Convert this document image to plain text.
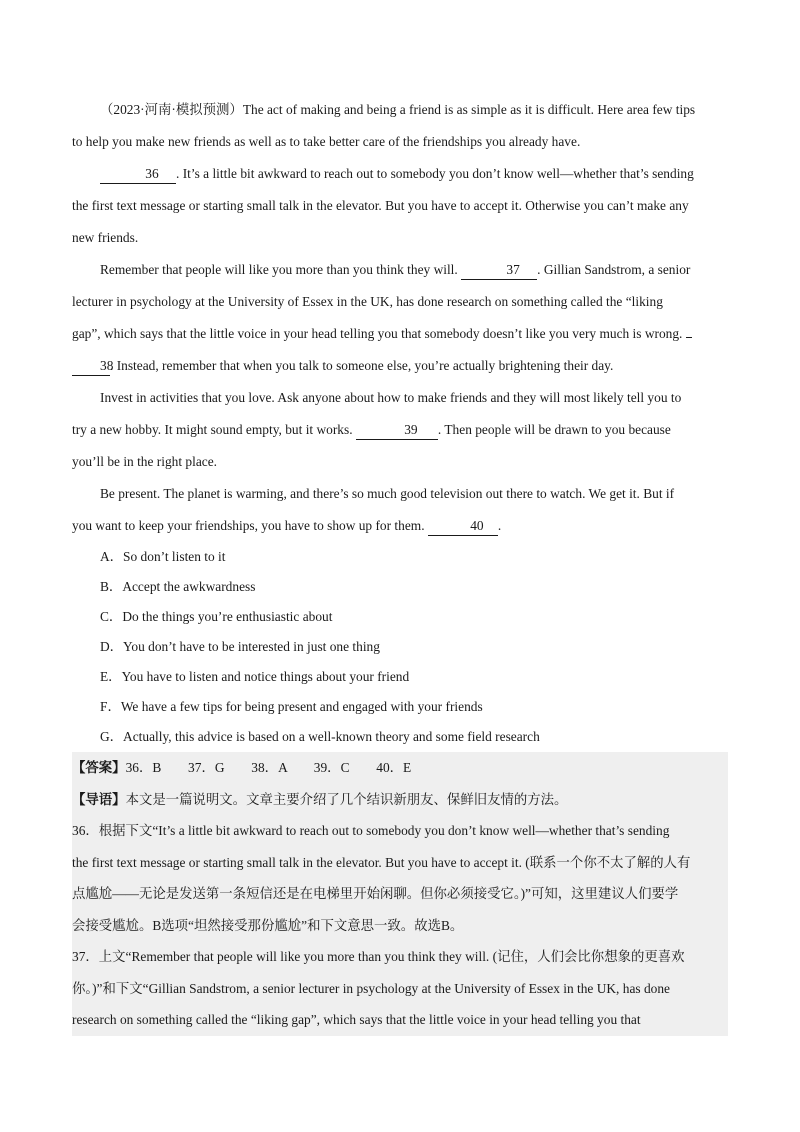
（2023·河南·模拟预测）The act of making and being a friend is as simple as it is difficult. Here area few tips
to help you make new friends as well as to take better care of the friendships you already have.

36 . It’s a little bit awkward to reach out to somebody you don’t know well—whether that’s sending
the first text message or starting small talk in the elevator. But you have to accept it. Otherwise you can’t make any
new friends.

Remember that people will like you more than you think they will.	37 . Gillian Sandstrom, a senior
lecturer in psychology at the University of Essex in the UK, has done research on something called the “liking
gap”, which says that the little voice in your head telling you that somebody doesn’t like you very much is wrong.
38. Instead, remember that when you talk to someone else, you’re actually brightening their day.

Invest in activities that you love. Ask anyone about how to make friends and they will most likely tell you to
try a new hobby. It might sound empty, but it works.	39 . Then people will be drawn to you because
you’ll be in the right place.

Be present. The planet is warming, and there’s so much good television out there to watch. We get it. But if
you want to keep your friendships, you have to show up for them.	40 .

A．So don’t listen to it

B．Accept the awkwardness

C．Do the things you’re enthusiastic about

D．You don’t have to be interested in just one thing

E．You have to listen and notice things about your friend

F．We have a few tips for being present and engaged with your friends

G．Actually, this advice is based on a well-known theory and some field research

【答案】36．B　　37．G　　38．A　　39．C　　40．E

【导语】本文是一篇说明文。文章主要介绍了几个结识新朋友、保鲜旧友情的方法。

36．根据下文“It’s a little bit awkward to reach out to somebody you don’t know well—whether that’s sending
the first text message or starting small talk in the elevator. But you have to accept it. (联系一个你不太了解的人有
点尴尬——无论是发送第一条短信还是在电梯里开始闲聊。但你必须接受它。)”可知，这里建议人们要学
会接受尴尬。B选项“坦然接受那份尴尬”和下文意思一致。故选B。

37．上文“Remember that people will like you more than you think they will. (记住，人们会比你想象的更喜欢
你。)”和下文“Gillian Sandstrom, a senior lecturer in psychology at the University of Essex in the UK, has done
research on something called the “liking gap”, which says that the little voice in your head telling you that
